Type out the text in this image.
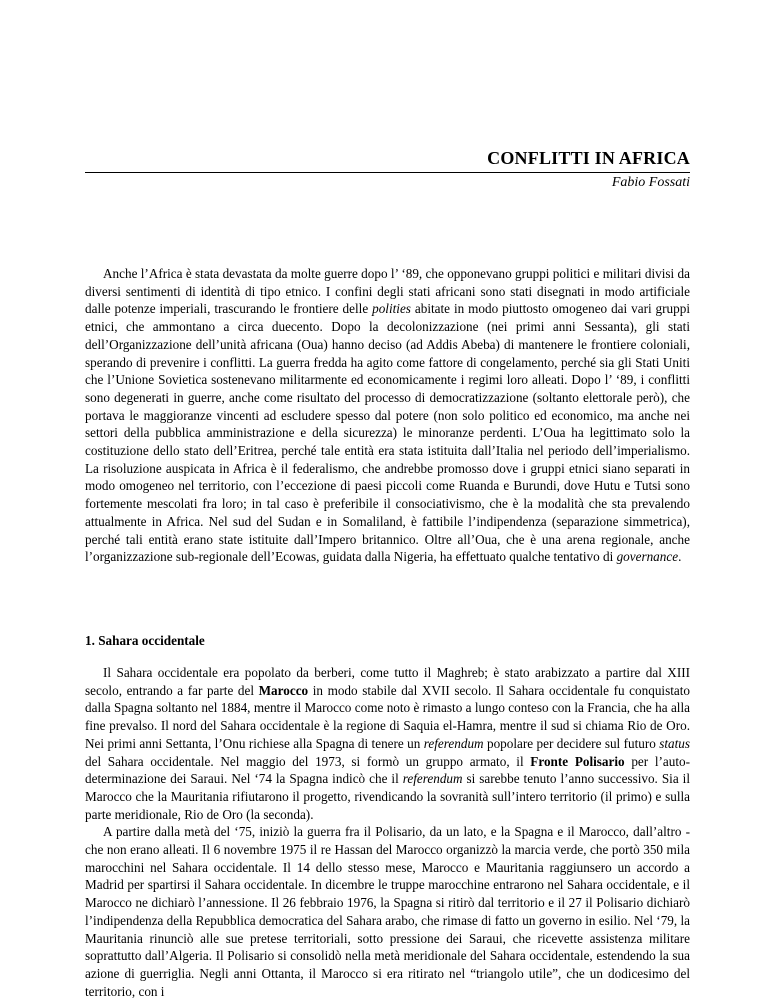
CONFLITTI IN AFRICA
Fabio Fossati

Anche l’Africa è stata devastata da molte guerre dopo l’ ‘89, che opponevano gruppi politici e militari divisi da diversi sentimenti di identità di tipo etnico. I confini degli stati africani sono stati disegnati in modo artificiale dalle potenze imperiali, trascurando le frontiere delle polities abitate in modo piuttosto omogeneo dai vari gruppi etnici, che ammontano a circa duecento. Dopo la decolonizzazione (nei primi anni Sessanta), gli stati dell’Organizzazione dell’unità africana (Oua) hanno deciso (ad Addis Abeba) di mantenere le frontiere coloniali, sperando di prevenire i conflitti. La guerra fredda ha agito come fattore di congelamento, perché sia gli Stati Uniti che l’Unione Sovietica sostenevano militarmente ed economicamente i regimi loro alleati. Dopo l’ ‘89, i conflitti sono degenerati in guerre, anche come risultato del processo di democratizzazione (soltanto elettorale però), che portava le maggioranze vincenti ad escludere spesso dal potere (non solo politico ed economico, ma anche nei settori della pubblica amministrazione e della sicurezza) le minoranze perdenti. L’Oua ha legittimato solo la costituzione dello stato dell’Eritrea, perché tale entità era stata istituita dall’Italia nel periodo dell’imperialismo. La risoluzione auspicata in Africa è il federalismo, che andrebbe promosso dove i gruppi etnici siano separati in modo omogeneo nel territorio, con l’eccezione di paesi piccoli come Ruanda e Burundi, dove Hutu e Tutsi sono fortemente mescolati fra loro; in tal caso è preferibile il consociativismo, che è la modalità che sta prevalendo attualmente in Africa. Nel sud del Sudan e in Somaliland, è fattibile l’indipendenza (separazione simmetrica), perché tali entità erano state istituite dall’Impero britannico. Oltre all’Oua, che è una arena regionale, anche l’organizzazione sub-regionale dell’Ecowas, guidata dalla Nigeria, ha effettuato qualche tentativo di governance.

1. Sahara occidentale

Il Sahara occidentale era popolato da berberi, come tutto il Maghreb; è stato arabizzato a partire dal XIII secolo, entrando a far parte del Marocco in modo stabile dal XVII secolo. Il Sahara occidentale fu conquistato dalla Spagna soltanto nel 1884, mentre il Marocco come noto è rimasto a lungo conteso con la Francia, che ha alla fine prevalso. Il nord del Sahara occidentale è la regione di Saquia el-Hamra, mentre il sud si chiama Rio de Oro. Nei primi anni Settanta, l’Onu richiese alla Spagna di tenere un referendum popolare per decidere sul futuro status del Sahara occidentale. Nel maggio del 1973, si formò un gruppo armato, il Fronte Polisario per l’auto-determinazione dei Saraui. Nel ‘74 la Spagna indicò che il referendum si sarebbe tenuto l’anno successivo. Sia il Marocco che la Mauritania rifiutarono il progetto, rivendicando la sovranità sull’intero territorio (il primo) e sulla parte meridionale, Rio de Oro (la seconda).

A partire dalla metà del ‘75, iniziò la guerra fra il Polisario, da un lato, e la Spagna e il Marocco, dall’altro - che non erano alleati. Il 6 novembre 1975 il re Hassan del Marocco organizzò la marcia verde, che portò 350 mila marocchini nel Sahara occidentale. Il 14 dello stesso mese, Marocco e Mauritania raggiunsero un accordo a Madrid per spartirsi il Sahara occidentale. In dicembre le truppe marocchine entrarono nel Sahara occidentale, e il Marocco ne dichiarò l’annessione. Il 26 febbraio 1976, la Spagna si ritirò dal territorio e il 27 il Polisario dichiarò l’indipendenza della Repubblica democratica del Sahara arabo, che rimase di fatto un governo in esilio. Nel ‘79, la Mauritania rinunciò alle sue pretese territoriali, sotto pressione dei Saraui, che ricevette assistenza militare soprattutto dall’Algeria. Il Polisario si consolidò nella metà meridionale del Sahara occidentale, estendendo la sua azione di guerriglia. Negli anni Ottanta, il Marocco si era ritirato nel “triangolo utile”, che un dodicesimo del territorio, con i
